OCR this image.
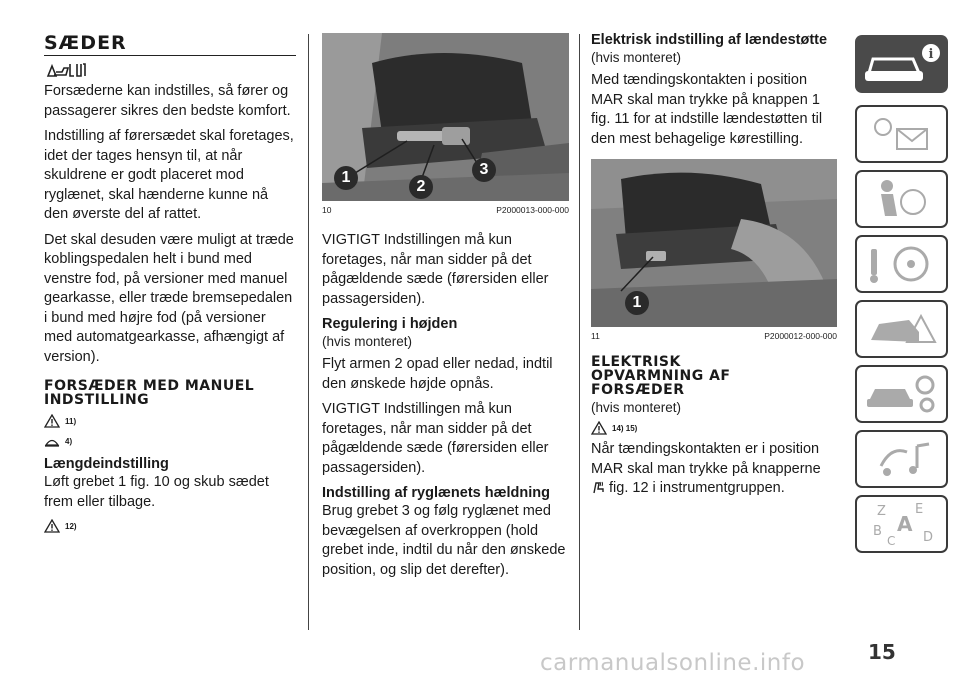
SÆDER

Forsæderne kan indstilles, så fører og passagerer sikres den bedste komfort.

Indstilling af førersædet skal foretages, idet der tages hensyn til, at når skuldrene er godt placeret mod ryglænet, skal hænderne kunne nå den øverste del af rattet.

Det skal desuden være muligt at træde koblingspedalen helt i bund med venstre fod, på versioner med manuel gearkasse, eller træde bremsepedalen i bund med højre fod (på versioner med automatgearkasse, afhængigt af version).

FORSÆDER MED MANUEL INDSTILLING
11)
4)
Længdeindstilling

Løft grebet 1 fig. 10 og skub sædet frem eller tilbage.

12)
1
2
3
10	P2000013-000-000

VIGTIGT Indstillingen må kun foretages, når man sidder på det pågældende sæde (førersiden eller passagersiden).

Regulering i højden

(hvis monteret)

Flyt armen 2 opad eller nedad, indtil den ønskede højde opnås.

VIGTIGT Indstillingen må kun foretages, når man sidder på det pågældende sæde (førersiden eller passagersiden).

Indstilling af ryglænets hældning

Brug grebet 3 og følg ryglænet med bevægelsen af overkroppen (hold grebet inde, indtil du når den ønskede position, og slip det derefter).

Elektrisk indstilling af lændestøtte

(hvis monteret)

Med tændingskontakten i position MAR skal man trykke på knappen 1 fig. 11 for at indstille lændestøtten til den mest behagelige kørestilling.

1
11	P2000012-000-000
ELEKTRISK OPVARMNING AF FORSÆDER

(hvis monteret)

14) 15)

Når tændingskontakten er i position MAR skal man trykke på knapperne

fig. 12 i instrumentgruppen.

i
Z E
B A
D
C
15
carmanualsonline.info
